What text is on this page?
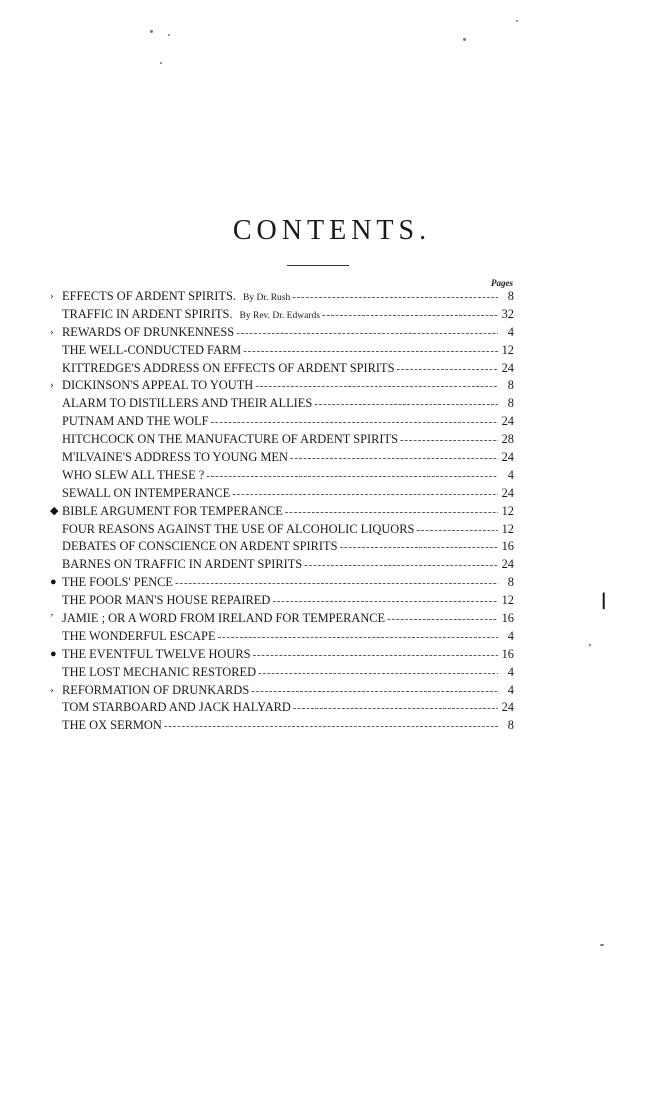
CONTENTS.
Pages
› EFFECTS OF ARDENT SPIRITS. By Dr. Rush - - -	8
TRAFFIC IN ARDENT SPIRITS. By Rev. Dr. Edwards - - -	32
› REWARDS OF DRUNKENNESS - - -	4
THE WELL-CONDUCTED FARM - - -	12
KITTREDGE'S ADDRESS ON EFFECTS OF ARDENT SPIRITS - - -	24
› DICKINSON'S APPEAL TO YOUTH - - -	8
ALARM TO DISTILLERS AND THEIR ALLIES - - -	8
PUTNAM AND THE WOLF - - -	24
HITCHCOCK ON THE MANUFACTURE OF ARDENT SPIRITS - - -	28
M'ILVAINE'S ADDRESS TO YOUNG MEN - - -	24
WHO SLEW ALL THESE ? - - -	4
SEWALL ON INTEMPERANCE - - -	24
◆ BIBLE ARGUMENT FOR TEMPERANCE - - -	12
FOUR REASONS AGAINST THE USE OF ALCOHOLIC LIQUORS - - -	12
DEBATES OF CONSCIENCE ON ARDENT SPIRITS - - -	16
BARNES ON TRAFFIC IN ARDENT SPIRITS - - -	24
● THE FOOLS' PENCE - - -	8
THE POOR MAN'S HOUSE REPAIRED - - -	12
ʼ JAMIE ; OR A WORD FROM IRELAND FOR TEMPERANCE - - -	16
THE WONDERFUL ESCAPE - - -	4
● THE EVENTFUL TWELVE HOURS - - -	16
THE LOST MECHANIC RESTORED - - -	4
› REFORMATION OF DRUNKARDS - - -	4
TOM STARBOARD AND JACK HALYARD - - -	24
THE OX SERMON - - -	8
❘
ʼ
